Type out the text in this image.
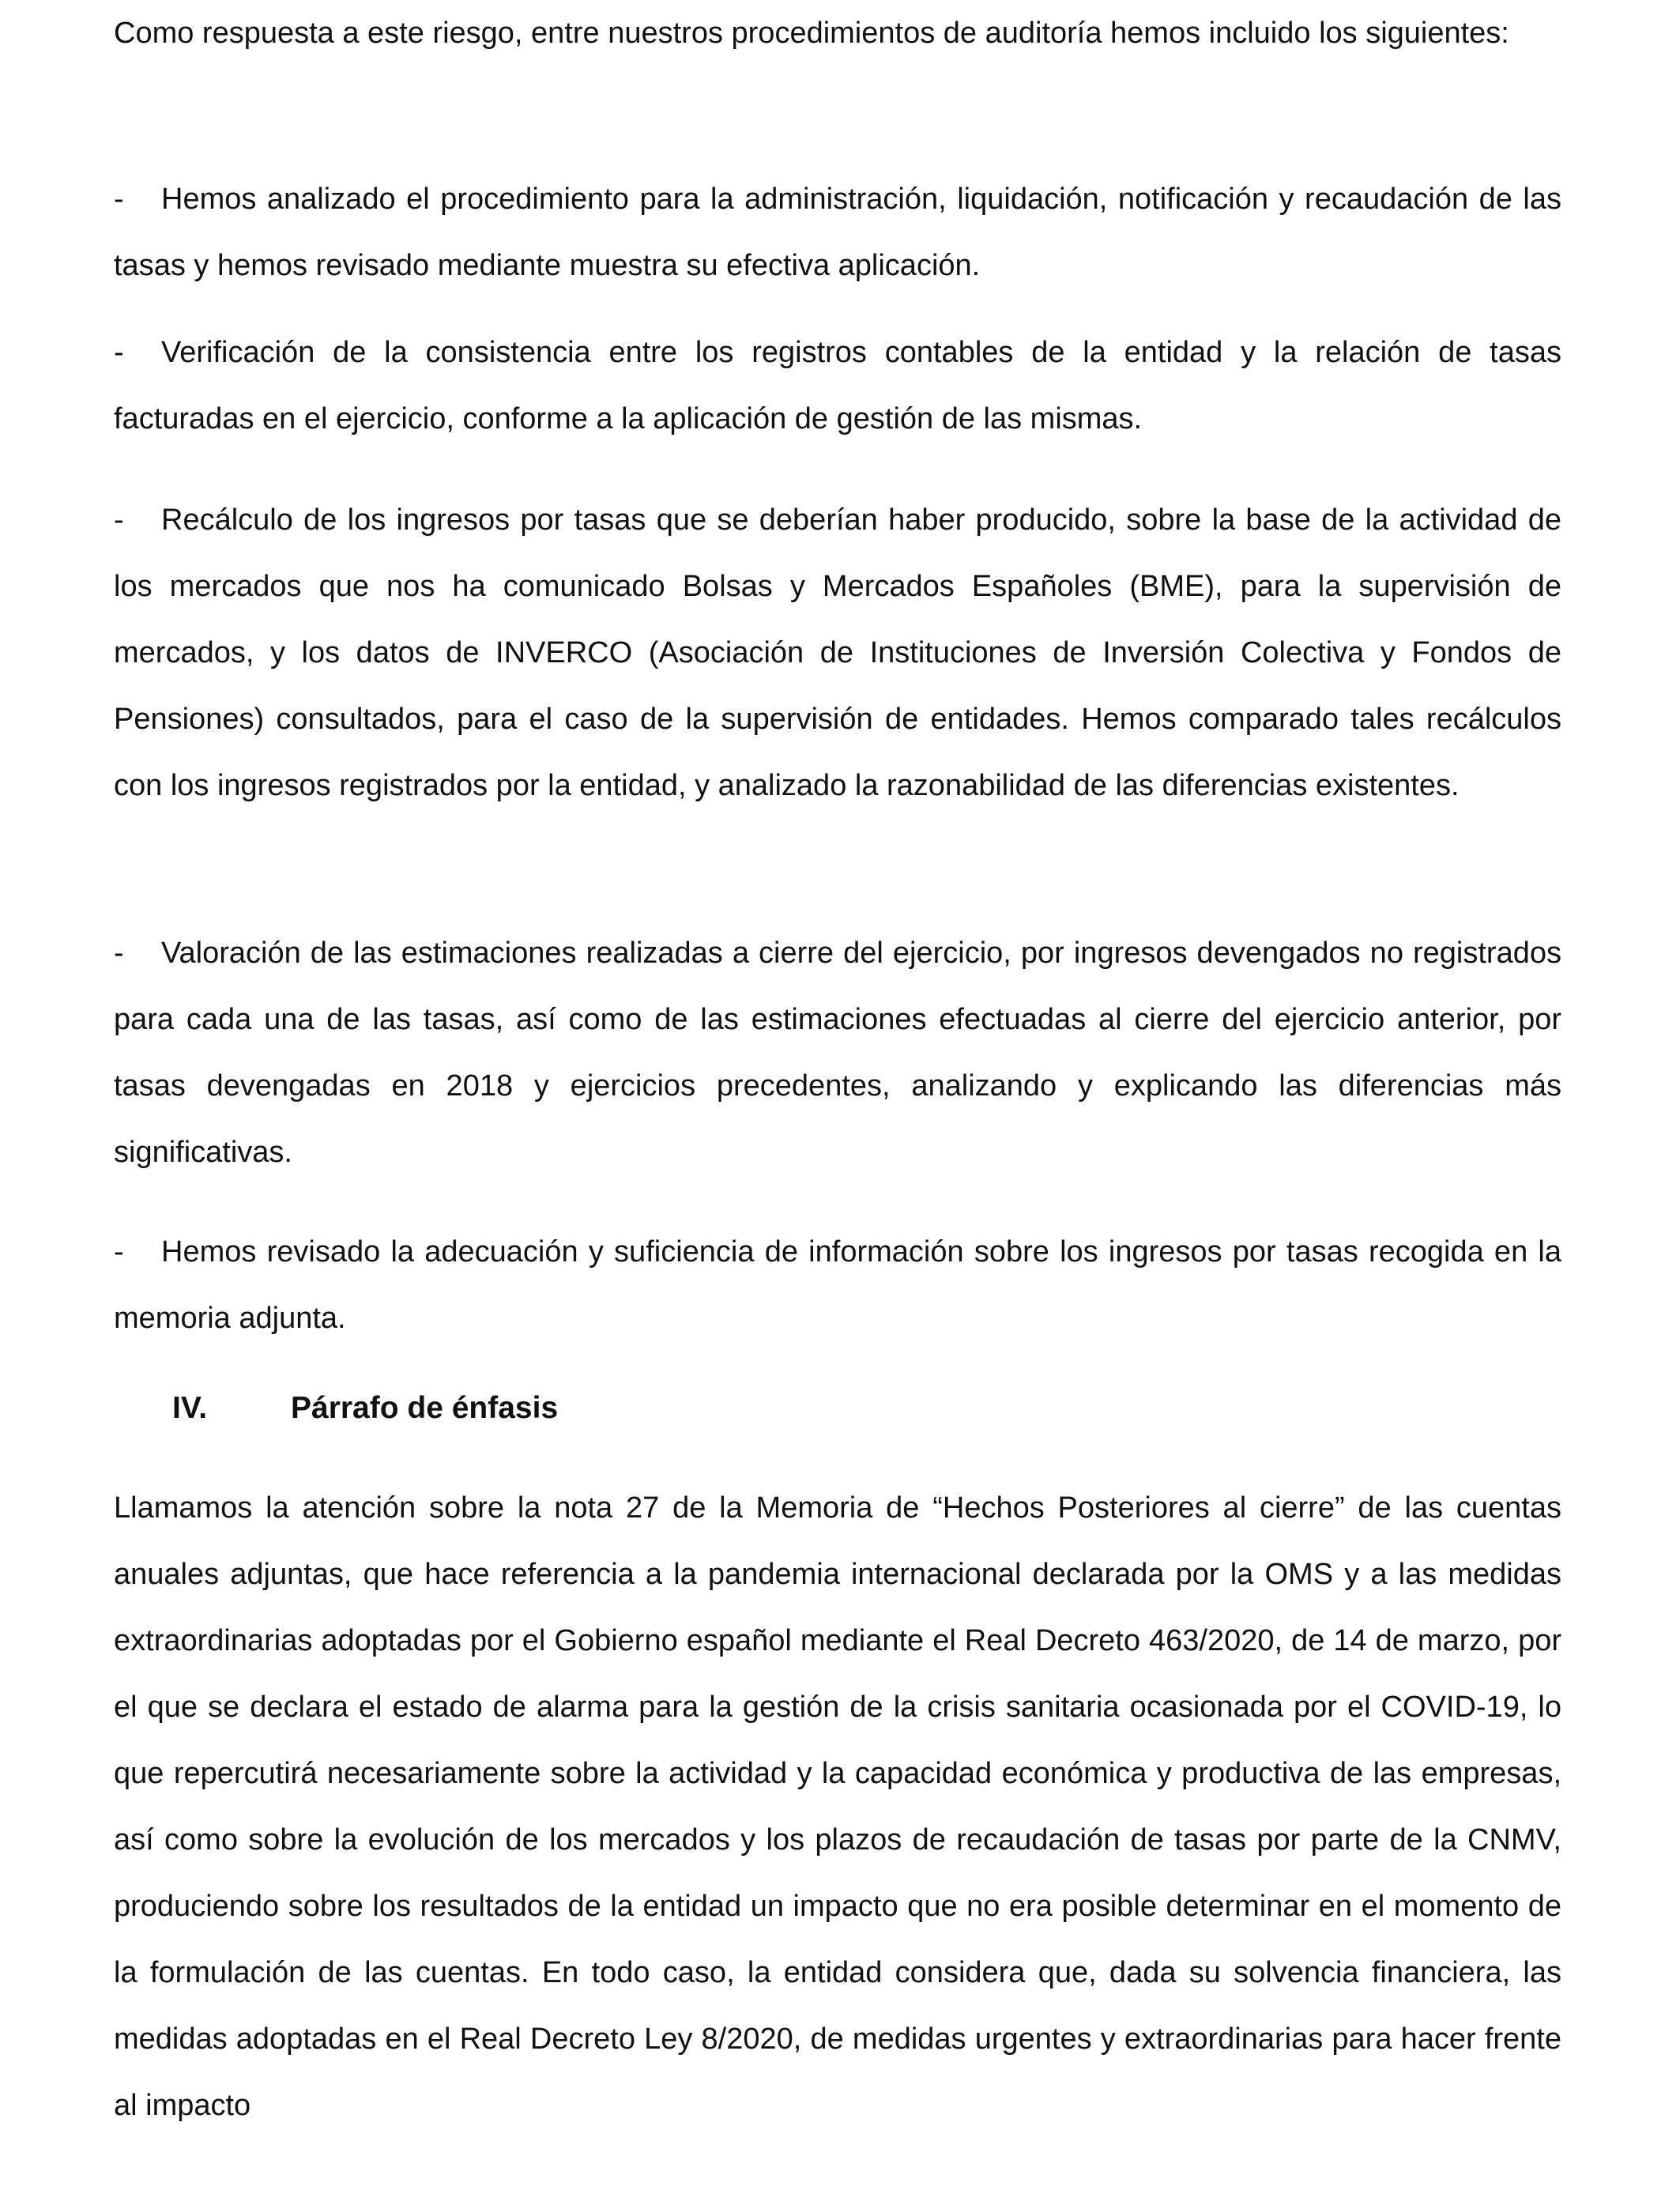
Como respuesta a este riesgo, entre nuestros procedimientos de auditoría hemos incluido los siguientes:

- Hemos analizado el procedimiento para la administración, liquidación, notificación y recaudación de las tasas y hemos revisado mediante muestra su efectiva aplicación.

- Verificación de la consistencia entre los registros contables de la entidad y la relación de tasas facturadas en el ejercicio, conforme a la aplicación de gestión de las mismas.

- Recálculo de los ingresos por tasas que se deberían haber producido, sobre la base de la actividad de los mercados que nos ha comunicado Bolsas y Mercados Españoles (BME), para la supervisión de mercados, y los datos de INVERCO (Asociación de Instituciones de Inversión Colectiva y Fondos de Pensiones) consultados, para el caso de la supervisión de entidades. Hemos comparado tales recálculos con los ingresos registrados por la entidad, y analizado la razonabilidad de las diferencias existentes.

- Valoración de las estimaciones realizadas a cierre del ejercicio, por ingresos devengados no registrados para cada una de las tasas, así como de las estimaciones efectuadas al cierre del ejercicio anterior, por tasas devengadas en 2018 y ejercicios precedentes, analizando y explicando las diferencias más significativas.

- Hemos revisado la adecuación y suficiencia de información sobre los ingresos por tasas recogida en la memoria adjunta.

IV.	Párrafo de énfasis

Llamamos la atención sobre la nota 27 de la Memoria de “Hechos Posteriores al cierre” de las cuentas anuales adjuntas, que hace referencia a la pandemia internacional declarada por la OMS y a las medidas extraordinarias adoptadas por el Gobierno español mediante el Real Decreto 463/2020, de 14 de marzo, por el que se declara el estado de alarma para la gestión de la crisis sanitaria ocasionada por el COVID-19, lo que repercutirá necesariamente sobre la actividad y la capacidad económica y productiva de las empresas, así como sobre la evolución de los mercados y los plazos de recaudación de tasas por parte de la CNMV, produciendo sobre los resultados de la entidad un impacto que no era posible determinar en el momento de la formulación de las cuentas. En todo caso, la entidad considera que, dada su solvencia financiera, las medidas adoptadas en el Real Decreto Ley 8/2020, de medidas urgentes y extraordinarias para hacer frente al impacto
